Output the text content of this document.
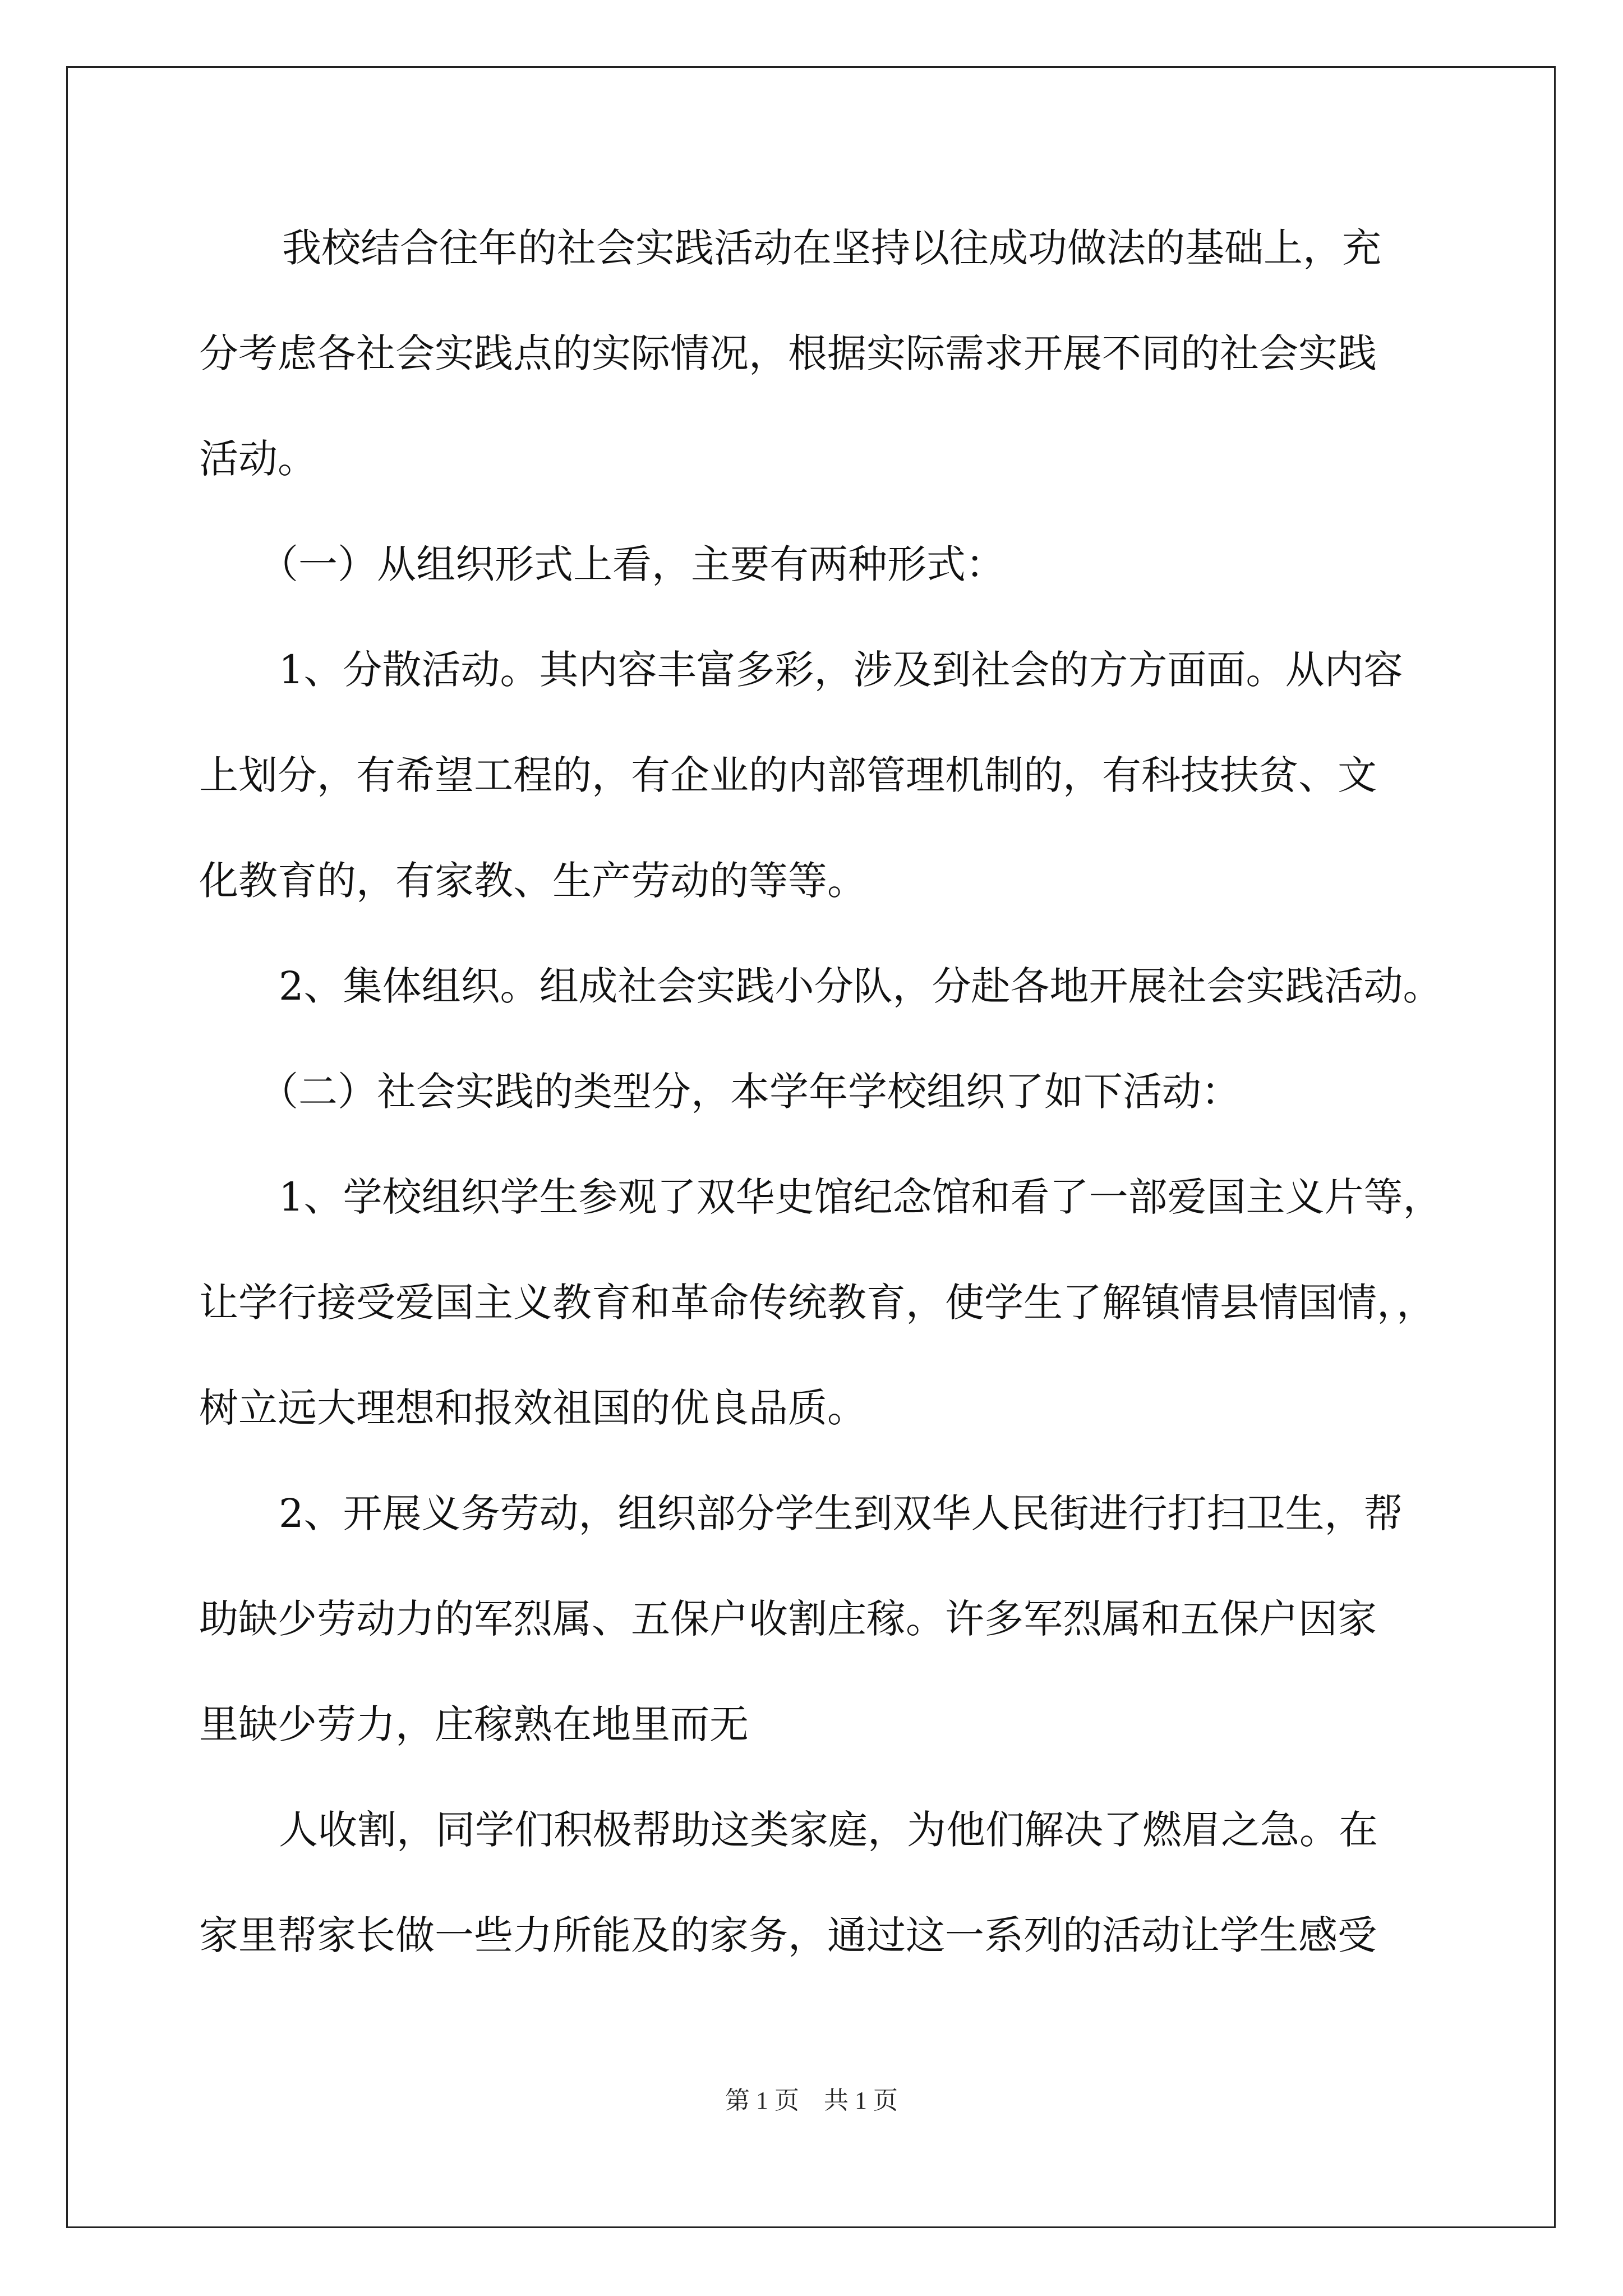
我校结合往年的社会实践活动在坚持以往成功做法的基础上，充
分考虑各社会实践点的实际情况，根据实际需求开展不同的社会实践
活动。
（一）从组织形式上看，主要有两种形式：
1、分散活动。其内容丰富多彩，涉及到社会的方方面面。从内容
上划分，有希望工程的，有企业的内部管理机制的，有科技扶贫、文
化教育的，有家教、生产劳动的等等。
2、集体组织。组成社会实践小分队，分赴各地开展社会实践活动。
（二）社会实践的类型分，本学年学校组织了如下活动：
1、学校组织学生参观了双华史馆纪念馆和看了一部爱国主义片等，
让学行接受爱国主义教育和革命传统教育，使学生了解镇情县情国情，，
树立远大理想和报效祖国的优良品质。
2、开展义务劳动，组织部分学生到双华人民街进行打扫卫生，帮
助缺少劳动力的军烈属、五保户收割庄稼。许多军烈属和五保户因家
里缺少劳力，庄稼熟在地里而无
人收割，同学们积极帮助这类家庭，为他们解决了燃眉之急。在
家里帮家长做一些力所能及的家务，通过这一系列的活动让学生感受
第 1 页　共 1 页
